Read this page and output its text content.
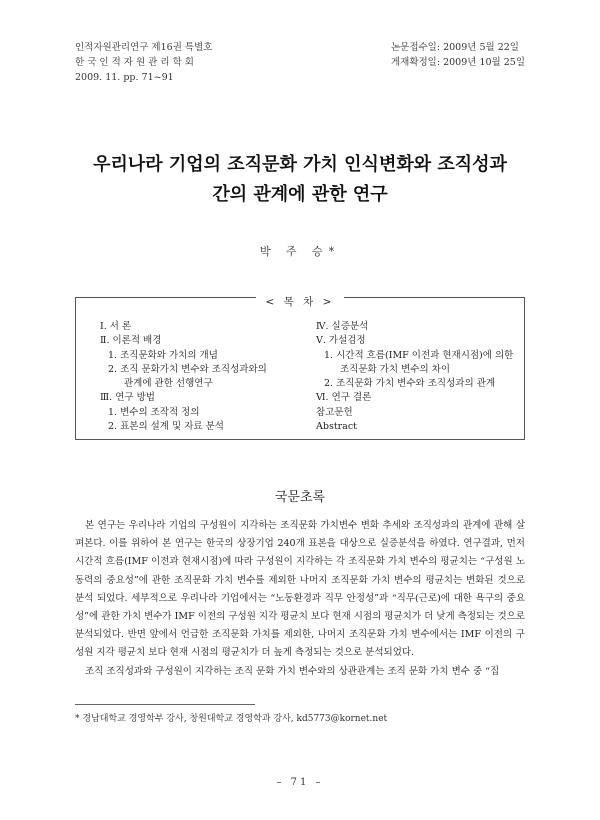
인적자원관리연구 제16권 특별호
한 국 인 적 자 원 관 리 학 회
2009. 11. pp. 71~91
논문접수일: 2009년 5월 22일
게재확정일: 2009년 10월 25일
우리나라 기업의 조직문화 가치 인식변화와 조직성과
간의 관계에 관한 연구
박 주 승*
< 목 차 >
Ⅰ. 서 론
Ⅱ. 이론적 배경
1. 조직문화와 가치의 개념
2. 조직 문화가치 변수와 조직성과와의
관계에 관한 선행연구
Ⅲ. 연구 방법
1. 변수의 조작적 정의
2. 표본의 설계 및 자료 분석
Ⅳ. 실증분석
Ⅴ. 가설검정
1. 시간적 흐름(IMF 이전과 현재시점)에 의한
조직문화 가치 변수의 차이
2. 조직문화 가치 변수와 조직성과의 관계
Ⅵ. 연구 결론
참고문헌
Abstract
국문초록

본 연구는 우리나라 기업의 구성원이 지각하는 조직문화 가치변수 변화 추세와 조직성과의 관계에 관해 살펴본다. 이를 위하여 본 연구는 한국의 상장기업 240개 표본을 대상으로 실증분석을 하였다. 연구결과, 먼저 시간적 흐름(IMF 이전과 현재시점)에 따라 구성원이 지각하는 각 조직문화 가치 변수의 평균치는 “구성원 노동력의 중요성”에 관한 조직문화 가치 변수를 제외한 나머지 조직문화 가치 변수의 평균치는 변화된 것으로 분석 되었다. 세부적으로 우리나라 기업에서는 “노동환경과 직무 안정성”과 “직무(근로)에 대한 욕구의 중요성”에 관한 가치 변수가 IMF 이전의 구성원 지각 평균치 보다 현재 시점의 평균치가 더 낮게 측정되는 것으로 분석되었다. 반면 앞에서 언급한 조직문화 가치를 제외한, 나머지 조직문화 가치 변수에서는 IMF 이전의 구성원 지각 평균치 보다 현재 시점의 평균치가 더 높게 측정되는 것으로 분석되었다.

조직 조직성과와 구성원이 지각하는 조직 문화 가치 변수와의 상관관계는 조직 문화 가치 변수 중 “집

* 경남대학교 경영학부 강사, 창원대학교 경영학과 강사, kd5773@kornet.net
– 71 –
